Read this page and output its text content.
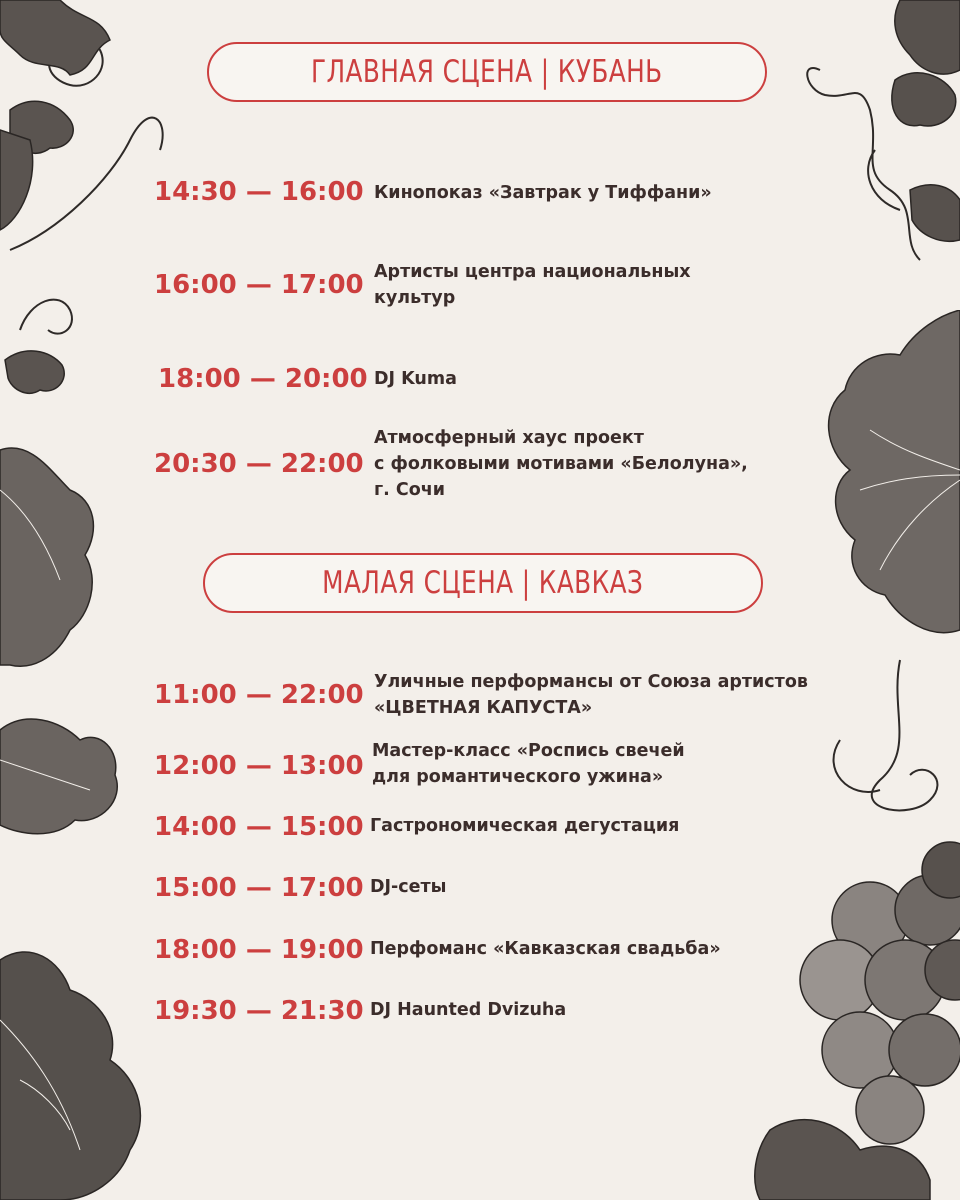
ГЛАВНАЯ СЦЕНА | КУБАНЬ
14:30 — 16:00 Кинопоказ «Завтрак у Тиффани»
16:00 — 17:00 Артисты центра национальных
культур
18:00 — 20:00 DJ Kuma
20:30 — 22:00
Атмосферный хаус проект
с фолковыми мотивами «Белолуна»,
г. Сочи
МАЛАЯ СЦЕНА | КАВКАЗ
11:00 — 22:00 Уличные перформансы от Союза артистов
«ЦВЕТНАЯ КАПУСТА»
12:00 — 13:00 Мастер-класс «Роспись свечей
для романтического ужина»
14:00 — 15:00 Гастрономическая дегустация
15:00 — 17:00 DJ-сеты
18:00 — 19:00 Перфоманс «Кавказская свадьба»
19:30 — 21:30 DJ Haunted Dvizuha
